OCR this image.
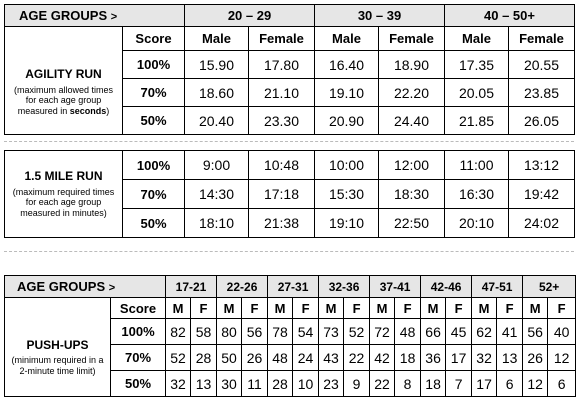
AGE GROUPS >		20 – 29		30 – 39		40 – 50+	
	Score	Male	Female	Male	Female	Male	Female

AGILITY RUN
(maximum allowed times for each age group measured in seconds)	100%	15.90	17.80	16.40	18.90	17.35	20.55
	70%	18.60	21.10	19.10	22.20	20.05	23.85
	50%	20.40	23.30	20.90	24.40	21.85	26.05
1.5 MILE RUN
(maximum required times for each age group measured in minutes)	100%	9:00	10:48	10:00	12:00	11:00	13:12
	70%	14:30	17:18	15:30	18:30	16:30	19:42
	50%	18:10	21:38	19:10	22:50	20:10	24:02
AGE GROUPS >		17-21		22-26		27-31		32-36		37-41		42-46		47-51		52+	
	Score	M	F	M	F	M	F	M	F	M	F	M	F	M	F	M	F

PUSH-UPS
(minimum required in a 2-minute time limit)	100%	82	58	80	56	78	54	73	52	72	48	66	45	62	41	56	40
	70%	52	28	50	26	48	24	43	22	42	18	36	17	32	13	26	12
	50%	32	13	30	11	28	10	23	9	22	8	18	7	17	6	12	6
